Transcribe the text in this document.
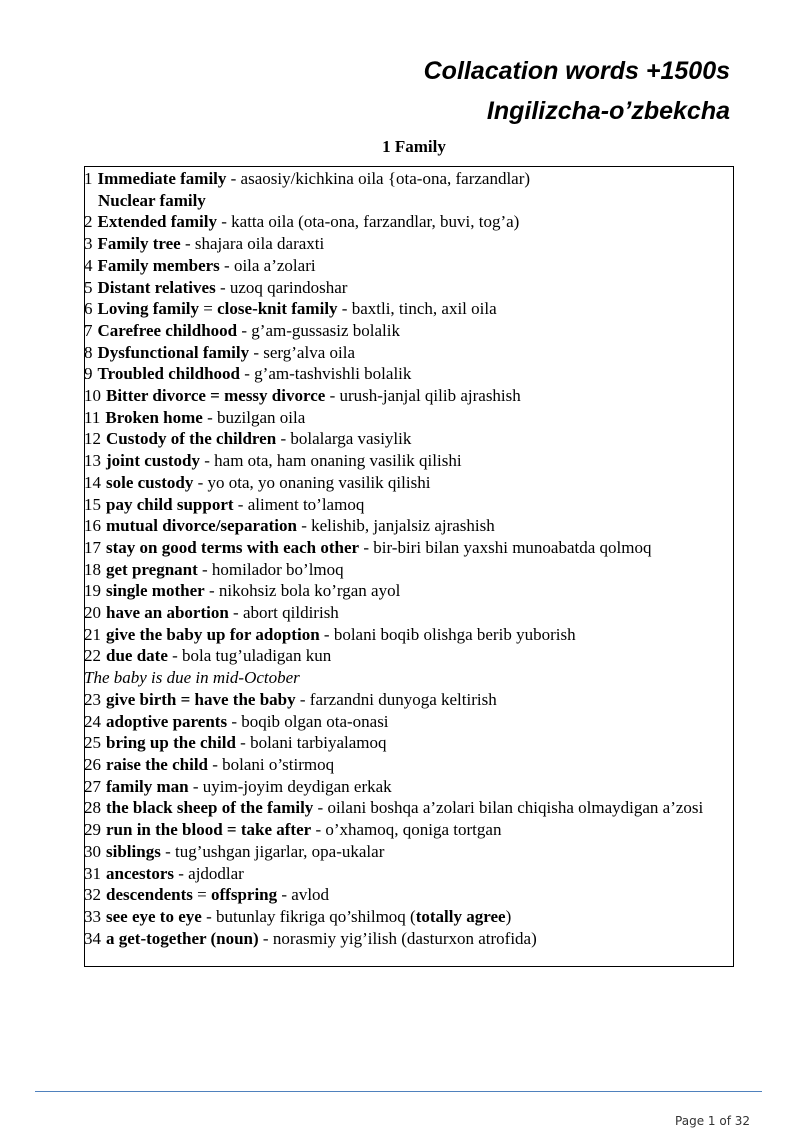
Collacation words +1500s
Ingilizcha-o’zbekcha
1 Family
1 Immediate family - asaosiy/kichkina oila {ota-ona, farzandlar)
Nuclear family
2 Extended family - katta oila (ota-ona, farzandlar, buvi, tog’a)
3 Family tree - shajara oila daraxti
4 Family members - oila a’zolari
5 Distant relatives - uzoq qarindoshar
6 Loving family = close-knit family - baxtli, tinch, axil oila
7 Carefree childhood - g’am-gussasiz bolalik
8 Dysfunctional family - serg’alva oila
9 Troubled childhood - g’am-tashvishli bolalik
10 Bitter divorce = messy divorce - urush-janjal qilib ajrashish
11 Broken home - buzilgan oila
12 Custody of the children - bolalarga vasiylik
13 joint custody - ham ota, ham onaning vasilik qilishi
14 sole custody - yo ota, yo onaning vasilik qilishi
15 pay child support - aliment to’lamoq
16 mutual divorce/separation - kelishib, janjalsiz ajrashish
17 stay on good terms with each other - bir-biri bilan yaxshi munoabatda qolmoq
18 get pregnant - homilador bo’lmoq
19 single mother - nikohsiz bola ko’rgan ayol
20 have an abortion - abort qildirish
21 give the baby up for adoption - bolani boqib olishga berib yuborish
22 due date - bola tug’uladigan kun
The baby is due in mid-October
23 give birth = have the baby - farzandni dunyoga keltirish
24 adoptive parents - boqib olgan ota-onasi
25 bring up the child - bolani tarbiyalamoq
26 raise the child - bolani o’stirmoq
27 family man - uyim-joyim deydigan erkak
28 the black sheep of the family - oilani boshqa a’zolari bilan chiqisha olmaydigan a’zosi
29 run in the blood = take after - o’xhamoq, qoniga tortgan
30 siblings - tug’ushgan jigarlar, opa-ukalar
31 ancestors - ajdodlar
32 descendents = offspring - avlod
33 see eye to eye - butunlay fikriga qo’shilmoq (totally agree)
34 a get-together (noun) - norasmiy yig’ilish (dasturxon atrofida)
Page 1 of 32
